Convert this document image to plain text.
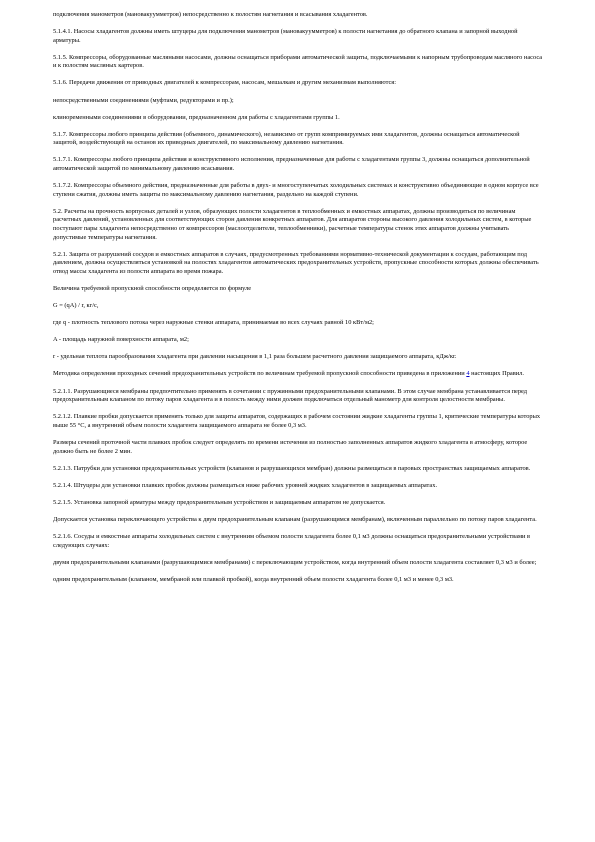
подключения манометров (мановакуумметров) непосредственно к полостям нагнетания и всасывания хладагентов.

5.1.4.1. Насосы хладагентов должны иметь штуцеры для подключения манометров (мановакуумметров) к полости нагнетания до обратного клапана и запорной выходной арматуры.

5.1.5. Компрессоры, оборудованные масляными насосами, должны оснащаться приборами автоматической защиты, подключаемыми к напорным трубопроводам масляного насоса и к полостям масляных картеров.

5.1.6. Передачи движения от приводных двигателей к компрессорам, насосам, мешалкам и другим механизмам выполняются:

непосредственными соединениями (муфтами, редукторами и пр.);

клиноременными соединениями в оборудовании, предназначенном для работы с хладагентами группы 1.

5.1.7. Компрессоры любого принципа действия (объемного, динамического), независимо от групп компримируемых ими хладагентов, должны оснащаться автоматической защитой, воздействующей на останов их приводных двигателей, по максимальному давлению нагнетания.

5.1.7.1. Компрессоры любого принципа действия и конструктивного исполнения, предназначенные для работы с хладагентами группы 3, должны оснащаться дополнительной автоматической защитой по минимальному давлению всасывания.

5.1.7.2. Компрессоры объемного действия, предназначенные для работы в двух- и многоступенчатых холодильных системах и конструктивно объединяющие в одном корпусе все ступени сжатия, должны иметь защиты по максимальному давлению нагнетания, раздельно на каждой ступени.

5.2. Расчеты на прочность корпусных деталей и узлов, образующих полости хладагентов в теплообменных и емкостных аппаратах, должны производиться по величинам расчетных давлений, установленных для соответствующих сторон давления конкретных аппаратов. Для аппаратов стороны высокого давления холодильных систем, в которые поступают пары хладагента непосредственно от компрессоров (маслоотделители, теплообменники), расчетные температуры стенок этих аппаратов должны учитывать допустимые температуры нагнетания.

5.2.1. Защита от разрушений сосудов и емкостных аппаратов в случаях, предусмотренных требованиями нормативно-технической документации к сосудам, работающим под давлением, должна осуществляться установкой на полостях хладагентов автоматических предохранительных устройств, пропускные способности которых должны обеспечивать отвод массы хладагента из полости аппарата во время пожара.

Величина требуемой пропускной способности определяется по формуле

G = (qA) / r, кг/с,

где q - плотность теплового потока через наружные стенки аппарата, принимаемая во всех случаях равной 10 кВт/м2;

A - площадь наружной поверхности аппарата, м2;

r - удельная теплота парообразования хладагента при давлении насыщения в 1,1 раза большем расчетного давления защищаемого аппарата, кДж/кг.

Методика определения проходных сечений предохранительных устройств по величинам требуемой пропускной способности приведена в приложении 4 настоящих Правил.

5.2.1.1. Разрушающиеся мембраны предпочтительно применять в сочетании с пружинными предохранительными клапанами. В этом случае мембрана устанавливается перед предохранительным клапаном по потоку паров хладагента и в полость между ними должен подключаться отдельный манометр для контроля целостности мембраны.

5.2.1.2. Плавкие пробки допускается применять только для защиты аппаратов, содержащих в рабочем состоянии жидкие хладагенты группы 1, критические температуры которых выше 55 °C, а внутренний объем полости хладагента защищаемого аппарата не более 0,3 м3.

Размеры сечений проточной части плавких пробок следует определять по времени истечения из полностью заполненных аппаратов жидкого хладагента в атмосферу, которое должно быть не более 2 мин.

5.2.1.3. Патрубки для установки предохранительных устройств (клапанов и разрушающихся мембран) должны размещаться в паровых пространствах защищаемых аппаратов.

5.2.1.4. Штуцеры для установки плавких пробок должны размещаться ниже рабочих уровней жидких хладагентов в защищаемых аппаратах.

5.2.1.5. Установка запорной арматуры между предохранительным устройством и защищаемым аппаратом не допускается.

Допускается установка переключающего устройства к двум предохранительным клапанам (разрушающимся мембранам), включенным параллельно по потоку паров хладагента.

5.2.1.6. Сосуды и емкостные аппараты холодильных систем с внутренним объемом полости хладагента более 0,1 м3 должны оснащаться предохранительными устройствами в следующих случаях:

двумя предохранительными клапанами (разрушающимися мембранами) с переключающим устройством, когда внутренний объем полости хладагента составляет 0,3 м3 и более;

одним предохранительным (клапаном, мембраной или плавкой пробкой), когда внутренний объем полости хладагента более 0,1 м3 и менее 0,3 м3.
